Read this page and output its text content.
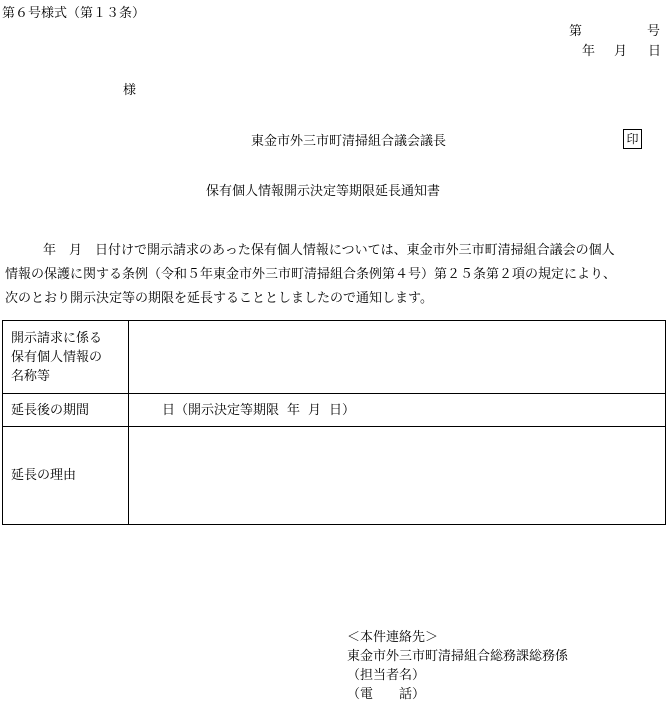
第６号様式（第１３条）
第	号
年 月 日
様
東金市外三市町清掃組合議会議長	印
保有個人情報開示決定等期限延長通知書
年　月　日付けで開示請求のあった保有個人情報については、東金市外三市町清掃組合議会の個人
情報の保護に関する条例（令和５年東金市外三市町清掃組合条例第４号）第２５条第２項の規定により、
次のとおり開示決定等の期限を延長することとしましたので通知します。
開示請求に係る
保有個人情報の
名称等	

延長後の期間	日（開示決定等期限 年 月 日）
延長の理由	
＜本件連絡先＞
東金市外三市町清掃組合総務課総務係
（担当者名）
（電 話）
